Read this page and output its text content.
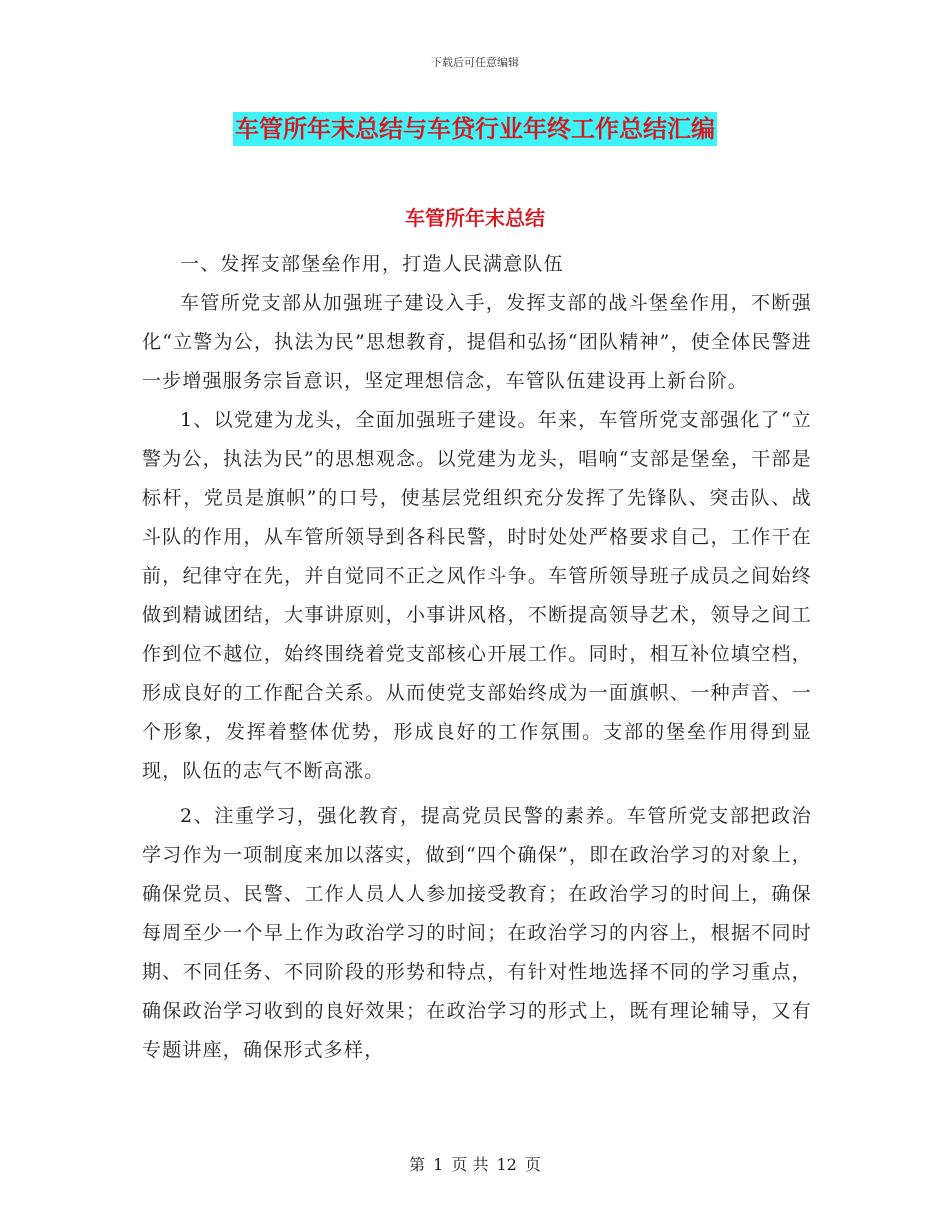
下载后可任意编辑
车管所年末总结与车贷行业年终工作总结汇编
车管所年末总结

一、发挥支部堡垒作用，打造人民满意队伍

车管所党支部从加强班子建设入手，发挥支部的战斗堡垒作用，不断强化“立警为公，执法为民”思想教育，提倡和弘扬“团队精神”，使全体民警进一步增强服务宗旨意识，坚定理想信念，车管队伍建设再上新台阶。

1、以党建为龙头，全面加强班子建设。年来，车管所党支部强化了“立警为公，执法为民”的思想观念。以党建为龙头，唱响“支部是堡垒，干部是标杆，党员是旗帜”的口号，使基层党组织充分发挥了先锋队、突击队、战斗队的作用，从车管所领导到各科民警，时时处处严格要求自己，工作干在前，纪律守在先，并自觉同不正之风作斗争。车管所领导班子成员之间始终做到精诚团结，大事讲原则，小事讲风格，不断提高领导艺术，领导之间工作到位不越位，始终围绕着党支部核心开展工作。同时，相互补位填空档，形成良好的工作配合关系。从而使党支部始终成为一面旗帜、一种声音、一个形象，发挥着整体优势，形成良好的工作氛围。支部的堡垒作用得到显现，队伍的志气不断高涨。

2、注重学习，强化教育，提高党员民警的素养。车管所党支部把政治学习作为一项制度来加以落实，做到“四个确保”，即在政治学习的对象上，确保党员、民警、工作人员人人参加接受教育；在政治学习的时间上，确保每周至少一个早上作为政治学习的时间；在政治学习的内容上，根据不同时期、不同任务、不同阶段的形势和特点，有针对性地选择不同的学习重点，确保政治学习收到的良好效果；在政治学习的形式上，既有理论辅导，又有专题讲座，确保形式多样，

第 1 页 共 12 页
